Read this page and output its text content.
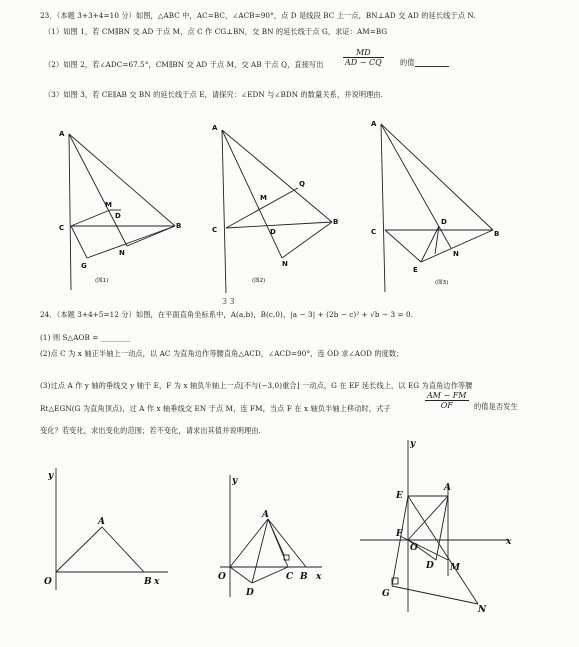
23．（本题 3+3+4=10 分）如图，△ABC 中，AC=BC，∠ACB=90°，点 D 是线段 BC 上一点，BN⊥AD 交 AD 的延长线于点 N.
（1）如图 1，若 CM∥BN 交 AD 于点 M，点 C 作 CG⊥BN，交 BN 的延长线于点 G，求证：AM=BG
（2）如图 2，若∠ADC=67.5°，CM∥BN 交 AD 于点 M，交 AB 于点 Q，直接写出 $\frac{MD}{AD - CQ}$ 的值
（3）如图 3，若 CE∥AB 交 BN 的延长线于点 E，请探究：∠EDN 与∠BDN 的数量关系，并说明理由.
A
C	B
D
M
N
G
(图1)
A
C
B
D
M
Q
N
(图2)
A
C	B
D
N
E
(图3)
24．（本题 3+4+5=12 分）如图，在平面直角坐标系中，A(a,b)，B(c,0)，|a − 3| + (2b − c)² + √b − 3 = 0.
3 3
(1) 则 S△AOB = ________
(2)点 C 为 x 轴正半轴上一动点，以 AC 为直角边作等腰直角△ACD，∠ACD=90°，连 OD 求∠AOD 的度数；
(3)过点 A 作 y 轴的垂线交 y 轴于 E，F 为 x 轴负半轴上一点[不与(−3,0)重合] 一动点，G 在 EF 延长线上，以 EG 为直角边作等腰
Rt△EGN(G 为直角顶点)，过 A 作 x 轴垂线交 EN 于点 M，连 FM，当点 F 在 x 轴负半轴上移动时，式子	$\frac{AM - FM}{OF}$ 的值是否发生
变化？若变化，求出变化的范围；若不变化，请求出其值并说明理由.
y
O	B x
A
y
O	C B x
A
D
y
x
E
A
F
O
D M
G
N
